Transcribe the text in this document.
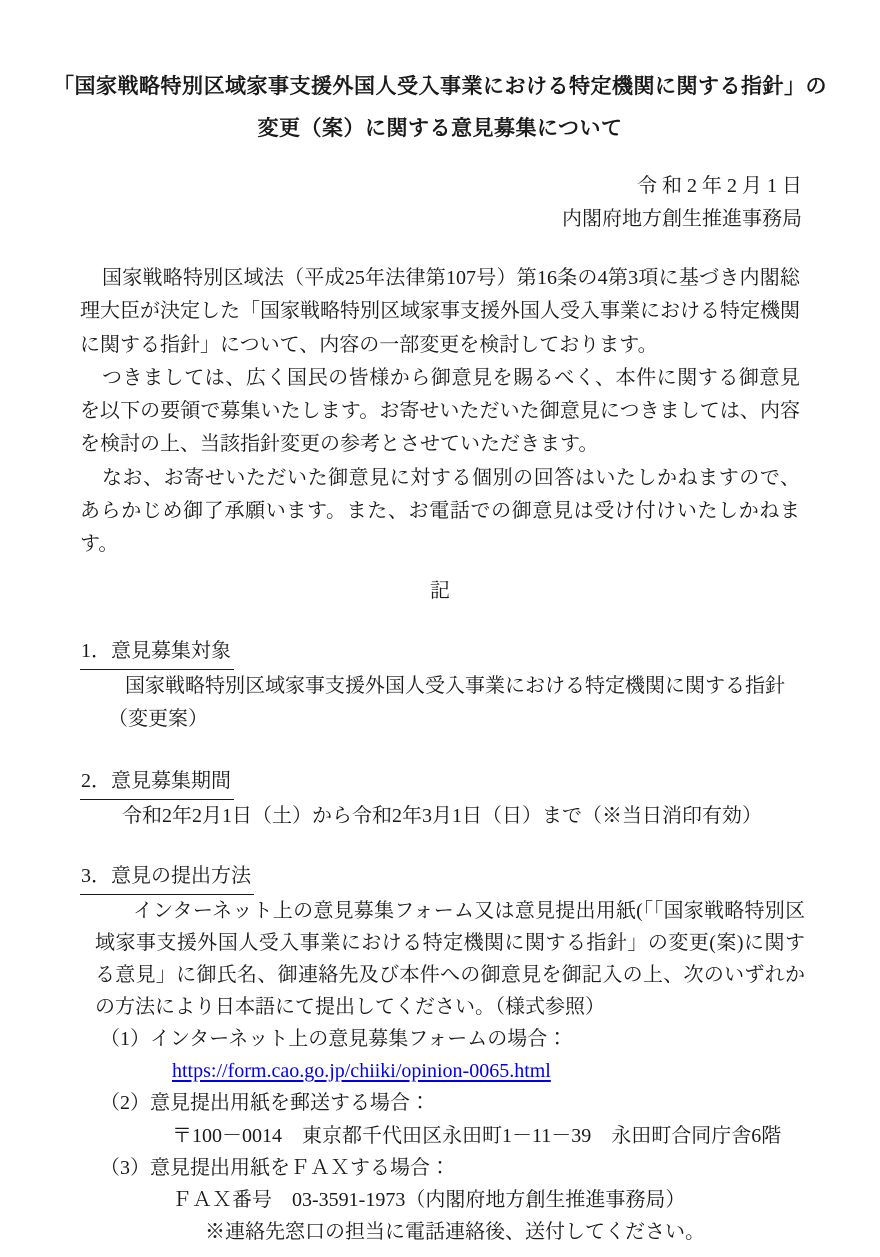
「国家戦略特別区域家事支援外国人受入事業における特定機関に関する指針」の
変更（案）に関する意見募集について
令 和 2 年 2 月 1 日
内閣府地方創生推進事務局

国家戦略特別区域法（平成25年法律第107号）第16条の4第3項に基づき内閣総理大臣が決定した「国家戦略特別区域家事支援外国人受入事業における特定機関に関する指針」について、内容の一部変更を検討しております。

つきましては、広く国民の皆様から御意見を賜るべく、本件に関する御意見を以下の要領で募集いたします。お寄せいただいた御意見につきましては、内容を検討の上、当該指針変更の参考とさせていただきます。

なお、お寄せいただいた御意見に対する個別の回答はいたしかねますので、あらかじめ御了承願います。また、お電話での御意見は受け付けいたしかねます。

記
1．意見募集対象

国家戦略特別区域家事支援外国人受入事業における特定機関に関する指針

（変更案）

2．意見募集期間

令和2年2月1日（土）から令和2年3月1日（日）まで（※当日消印有効）

3．意見の提出方法

インターネット上の意見募集フォーム又は意見提出用紙(「「国家戦略特別区域家事支援外国人受入事業における特定機関に関する指針」の変更(案)に関する意見」に御氏名、御連絡先及び本件への御意見を御記入の上、次のいずれかの方法により日本語にて提出してください。（様式参照）

（1）インターネット上の意見募集フォームの場合：

https://form.cao.go.jp/chiiki/opinion-0065.html

（2）意見提出用紙を郵送する場合：

〒100－0014　東京都千代田区永田町1－11－39　永田町合同庁舎6階

（3）意見提出用紙をＦＡＸする場合：

ＦＡＸ番号　03-3591-1973（内閣府地方創生推進事務局）

※連絡先窓口の担当に電話連絡後、送付してください。
